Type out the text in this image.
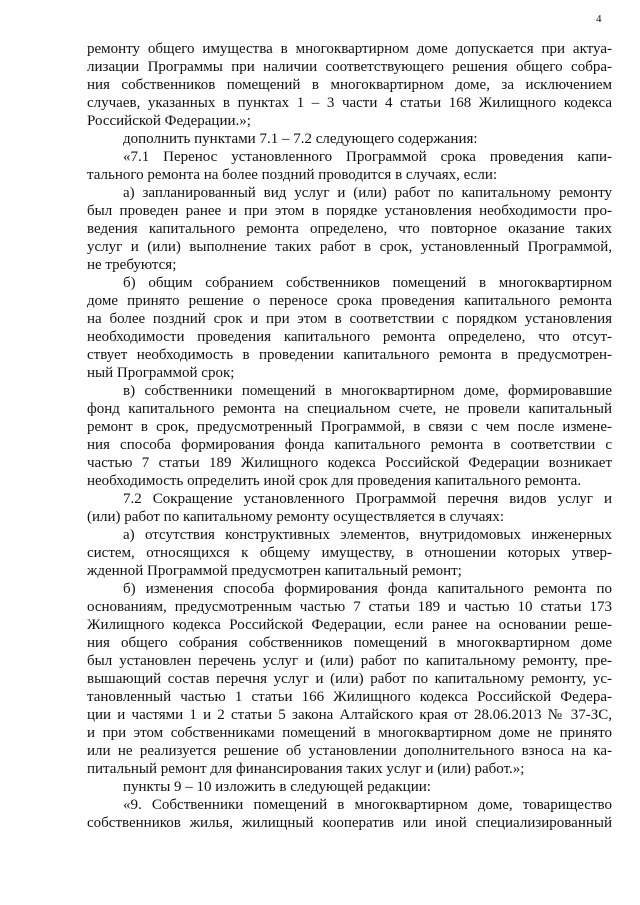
4
ремонту общего имущества в многоквартирном доме допускается при актуа-
лизации Программы при наличии соответствующего решения общего собра-
ния собственников помещений в многоквартирном доме, за исключением
случаев, указанных в пунктах 1 – 3 части 4 статьи 168 Жилищного кодекса
Российской Федерации.»;
дополнить пунктами 7.1 – 7.2 следующего содержания:
«7.1 Перенос установленного Программой срока проведения капи-
тального ремонта на более поздний проводится в случаях, если:
а) запланированный вид услуг и (или) работ по капитальному ремонту
был проведен ранее и при этом в порядке установления необходимости про-
ведения капитального ремонта определено, что повторное оказание таких
услуг и (или) выполнение таких работ в срок, установленный Программой,
не требуются;
б) общим собранием собственников помещений в многоквартирном
доме принято решение о переносе срока проведения капитального ремонта
на более поздний срок и при этом в соответствии с порядком установления
необходимости проведения капитального ремонта определено, что отсут-
ствует необходимость в проведении капитального ремонта в предусмотрен-
ный Программой срок;
в) собственники помещений в многоквартирном доме, формировавшие
фонд капитального ремонта на специальном счете, не провели капитальный
ремонт в срок, предусмотренный Программой, в связи с чем после измене-
ния способа формирования фонда капитального ремонта в соответствии с
частью 7 статьи 189 Жилищного кодекса Российской Федерации возникает
необходимость определить иной срок для проведения капитального ремонта.
7.2 Сокращение установленного Программой перечня видов услуг и
(или) работ по капитальному ремонту осуществляется в случаях:
а) отсутствия конструктивных элементов, внутридомовых инженерных
систем, относящихся к общему имуществу, в отношении которых утвер-
жденной Программой предусмотрен капитальный ремонт;
б) изменения способа формирования фонда капитального ремонта по
основаниям, предусмотренным частью 7 статьи 189 и частью 10 статьи 173
Жилищного кодекса Российской Федерации, если ранее на основании реше-
ния общего собрания собственников помещений в многоквартирном доме
был установлен перечень услуг и (или) работ по капитальному ремонту, пре-
вышающий состав перечня услуг и (или) работ по капитальному ремонту, ус-
тановленный частью 1 статьи 166 Жилищного кодекса Российской Федера-
ции и частями 1 и 2 статьи 5 закона Алтайского края от 28.06.2013 № 37-ЗС,
и при этом собственниками помещений в многоквартирном доме не принято
или не реализуется решение об установлении дополнительного взноса на ка-
питальный ремонт для финансирования таких услуг и (или) работ.»;
пункты 9 – 10 изложить в следующей редакции:
«9. Собственники помещений в многоквартирном доме, товарищество
собственников жилья, жилищный кооператив или иной специализированный
